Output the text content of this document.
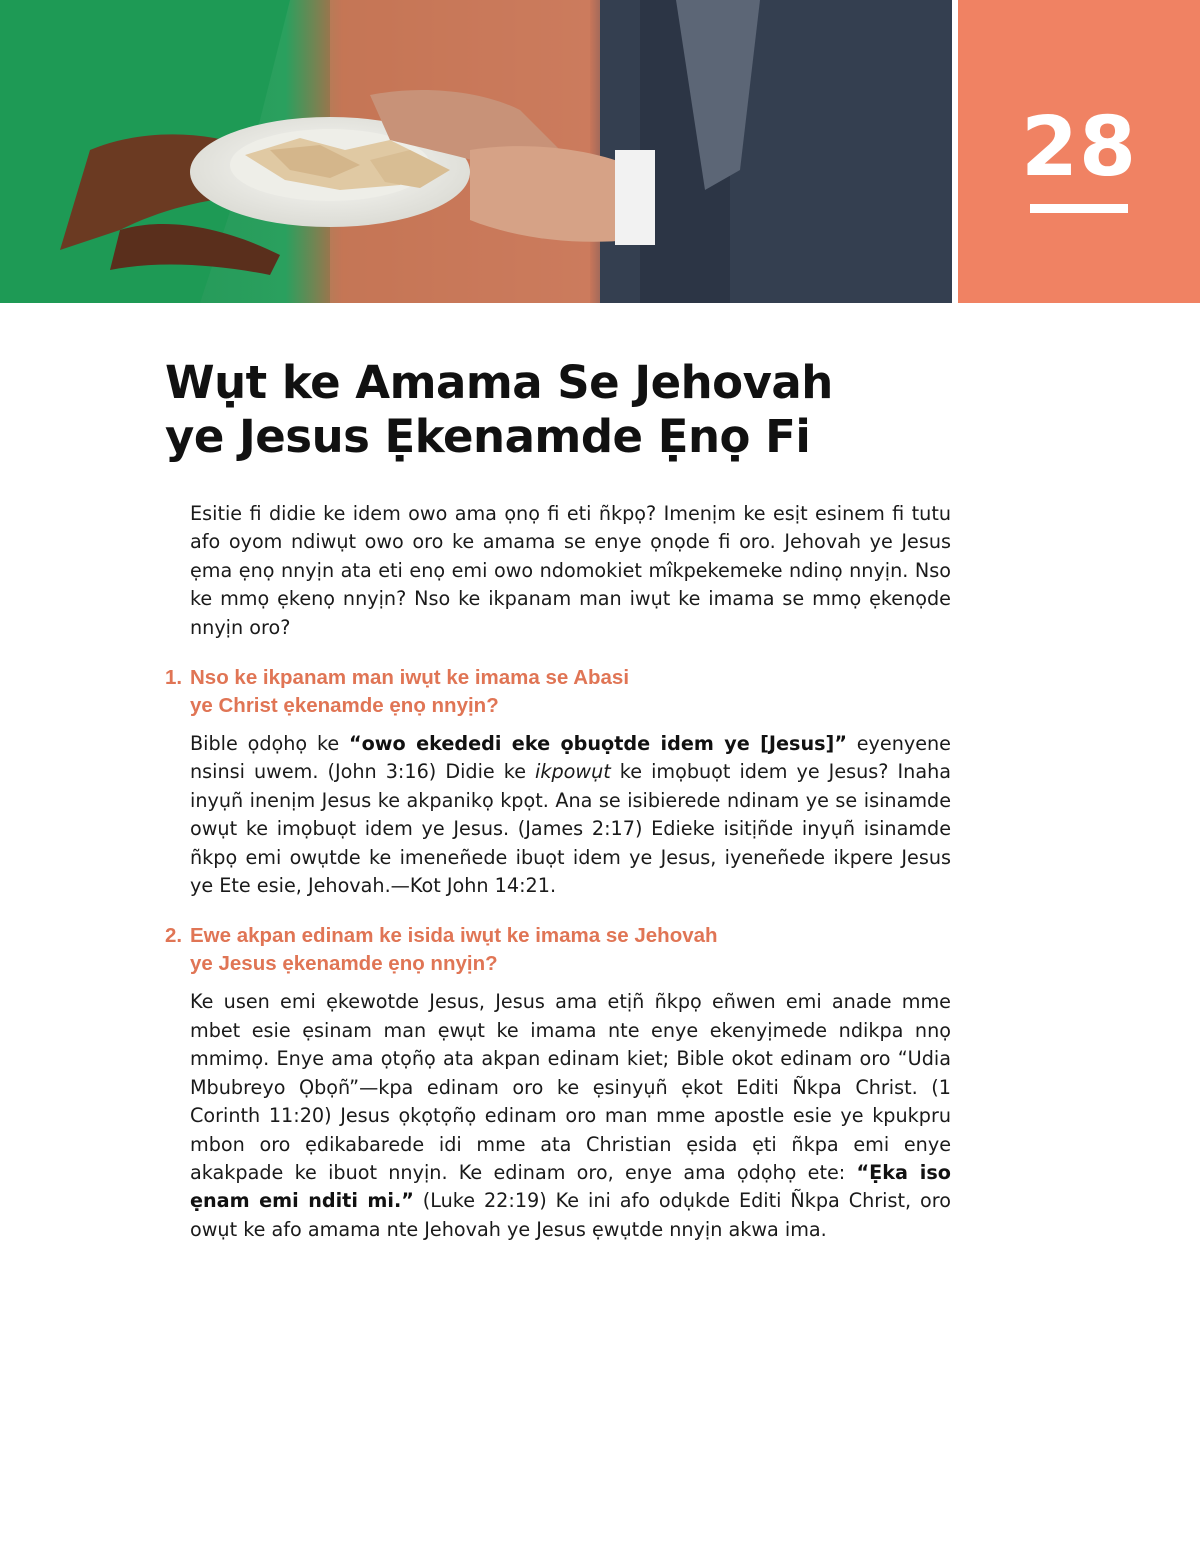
28
Wụt ke Amama Se Jehovah
ye Jesus Ẹkenamde Ẹnọ Fi

Esitie fi didie ke idem owo ama ọnọ fi eti ñkpọ? Imenịm ke esịt esinem fi tutu afo oyom ndiwụt owo oro ke amama se enye ọnọde fi oro. Jehovah ye Jesus ẹma ẹnọ nnyịn ata eti enọ emi owo ndomokiet mîkpekemeke ndinọ nnyịn. Nso ke mmọ ẹkenọ nnyịn? Nso ke ikpanam man iwụt ke imama se mmọ ẹkenọde nnyịn oro?

1. Nso ke ikpanam man iwụt ke imama se Abasi
ye Christ ẹkenamde ẹnọ nnyịn?

Bible ọdọhọ ke “owo ekededi eke ọbuọtde idem ye [Jesus]” eyenyene nsinsi uwem. (John 3:16) Didie ke ikpowụt ke imọbuọt idem ye Jesus? Inaha inyụñ inenịm Jesus ke akpanikọ kpọt. Ana se isibierede ndinam ye se isinamde owụt ke imọbuọt idem ye Jesus. (James 2:17) Edieke isitịñde inyụñ isinamde ñkpọ emi owụtde ke imeneñede ibuọt idem ye Jesus, iyeneñede ikpere Jesus ye Ete esie, Jehovah.—Kot John 14:21.

2. Ewe akpan edinam ke isida iwụt ke imama se Jehovah
ye Jesus ẹkenamde ẹnọ nnyịn?

Ke usen emi ẹkewotde Jesus, Jesus ama etịñ ñkpọ eñwen emi anade mme mbet esie ẹsinam man ẹwụt ke imama nte enye ekenyịmede ndikpa nnọ mmimọ. Enye ama ọtọñọ ata akpan edinam kiet; Bible okot edinam oro “Udia Mbubreyo Ọbọñ”—kpa edinam oro ke ẹsinyụñ ẹkot Editi Ñkpa Christ. (1 Corinth 11:20) Jesus ọkọtọñọ edinam oro man mme apostle esie ye kpukpru mbon oro ẹdikabarede idi mme ata Christian ẹsida ẹti ñkpa emi enye akakpade ke ibuot nnyịn. Ke edinam oro, enye ama ọdọhọ ete: “Ẹka iso ẹnam emi nditi mi.” (Luke 22:19) Ke ini afo odụkde Editi Ñkpa Christ, oro owụt ke afo amama nte Jehovah ye Jesus ẹwụtde nnyịn akwa ima.
